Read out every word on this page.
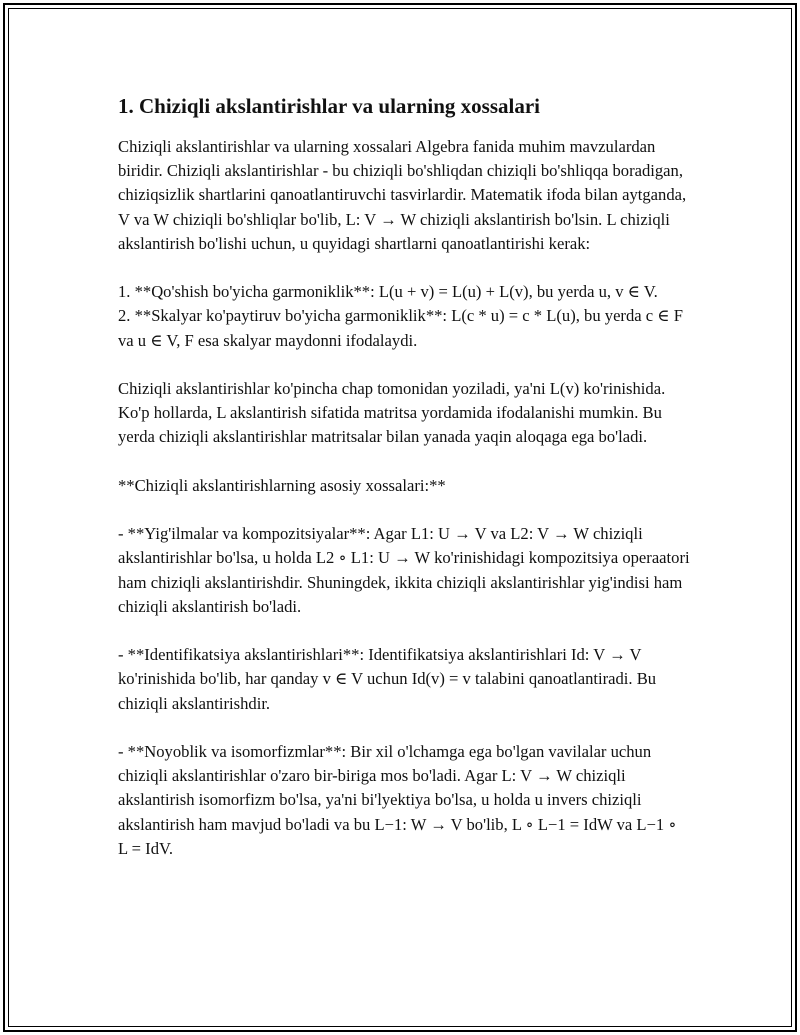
1. Chiziqli akslantirishlar va ularning xossalari

Chiziqli akslantirishlar va ularning xossalari Algebra fanida muhim mavzulardan biridir. Chiziqli akslantirishlar - bu chiziqli bo'shliqdan chiziqli bo'shliqqa boradigan, chiziqsizlik shartlarini qanoatlantiruvchi tasvirlardir. Matematik ifoda bilan aytganda, V va W chiziqli bo'shliqlar bo'lib, L: V → W chiziqli akslantirish bo'lsin. L chiziqli akslantirish bo'lishi uchun, u quyidagi shartlarni qanoatlantirishi kerak:

1. **Qo'shish bo'yicha garmoniklik**: L(u + v) = L(u) + L(v), bu yerda u, v ∈ V.

2. **Skalyar ko'paytiruv bo'yicha garmoniklik**: L(c * u) = c * L(u), bu yerda c ∈ F va u ∈ V, F esa skalyar maydonni ifodalaydi.

Chiziqli akslantirishlar ko'pincha chap tomonidan yoziladi, ya'ni L(v) ko'rinishida. Ko'p hollarda, L akslantirish sifatida matritsa yordamida ifodalanishi mumkin. Bu yerda chiziqli akslantirishlar matritsalar bilan yanada yaqin aloqaga ega bo'ladi.

**Chiziqli akslantirishlarning asosiy xossalari:**

- **Yig'ilmalar va kompozitsiyalar**: Agar L1: U → V va L2: V → W chiziqli akslantirishlar bo'lsa, u holda L2 ∘ L1: U → W ko'rinishidagi kompozitsiya operaatori ham chiziqli akslantirishdir. Shuningdek, ikkita chiziqli akslantirishlar yig'indisi ham chiziqli akslantirish bo'ladi.

- **Identifikatsiya akslantirishlari**: Identifikatsiya akslantirishlari Id: V → V ko'rinishida bo'lib, har qanday v ∈ V uchun Id(v) = v talabini qanoatlantiradi. Bu chiziqli akslantirishdir.

- **Noyoblik va isomorfizmlar**: Bir xil o'lchamga ega bo'lgan vavilalar uchun chiziqli akslantirishlar o'zaro bir-biriga mos bo'ladi. Agar L: V → W chiziqli akslantirish isomorfizm bo'lsa, ya'ni bi'lyektiya bo'lsa, u holda u invers chiziqli akslantirish ham mavjud bo'ladi va bu L−1: W → V bo'lib, L ∘ L−1 = IdW va L−1 ∘ L = IdV.
